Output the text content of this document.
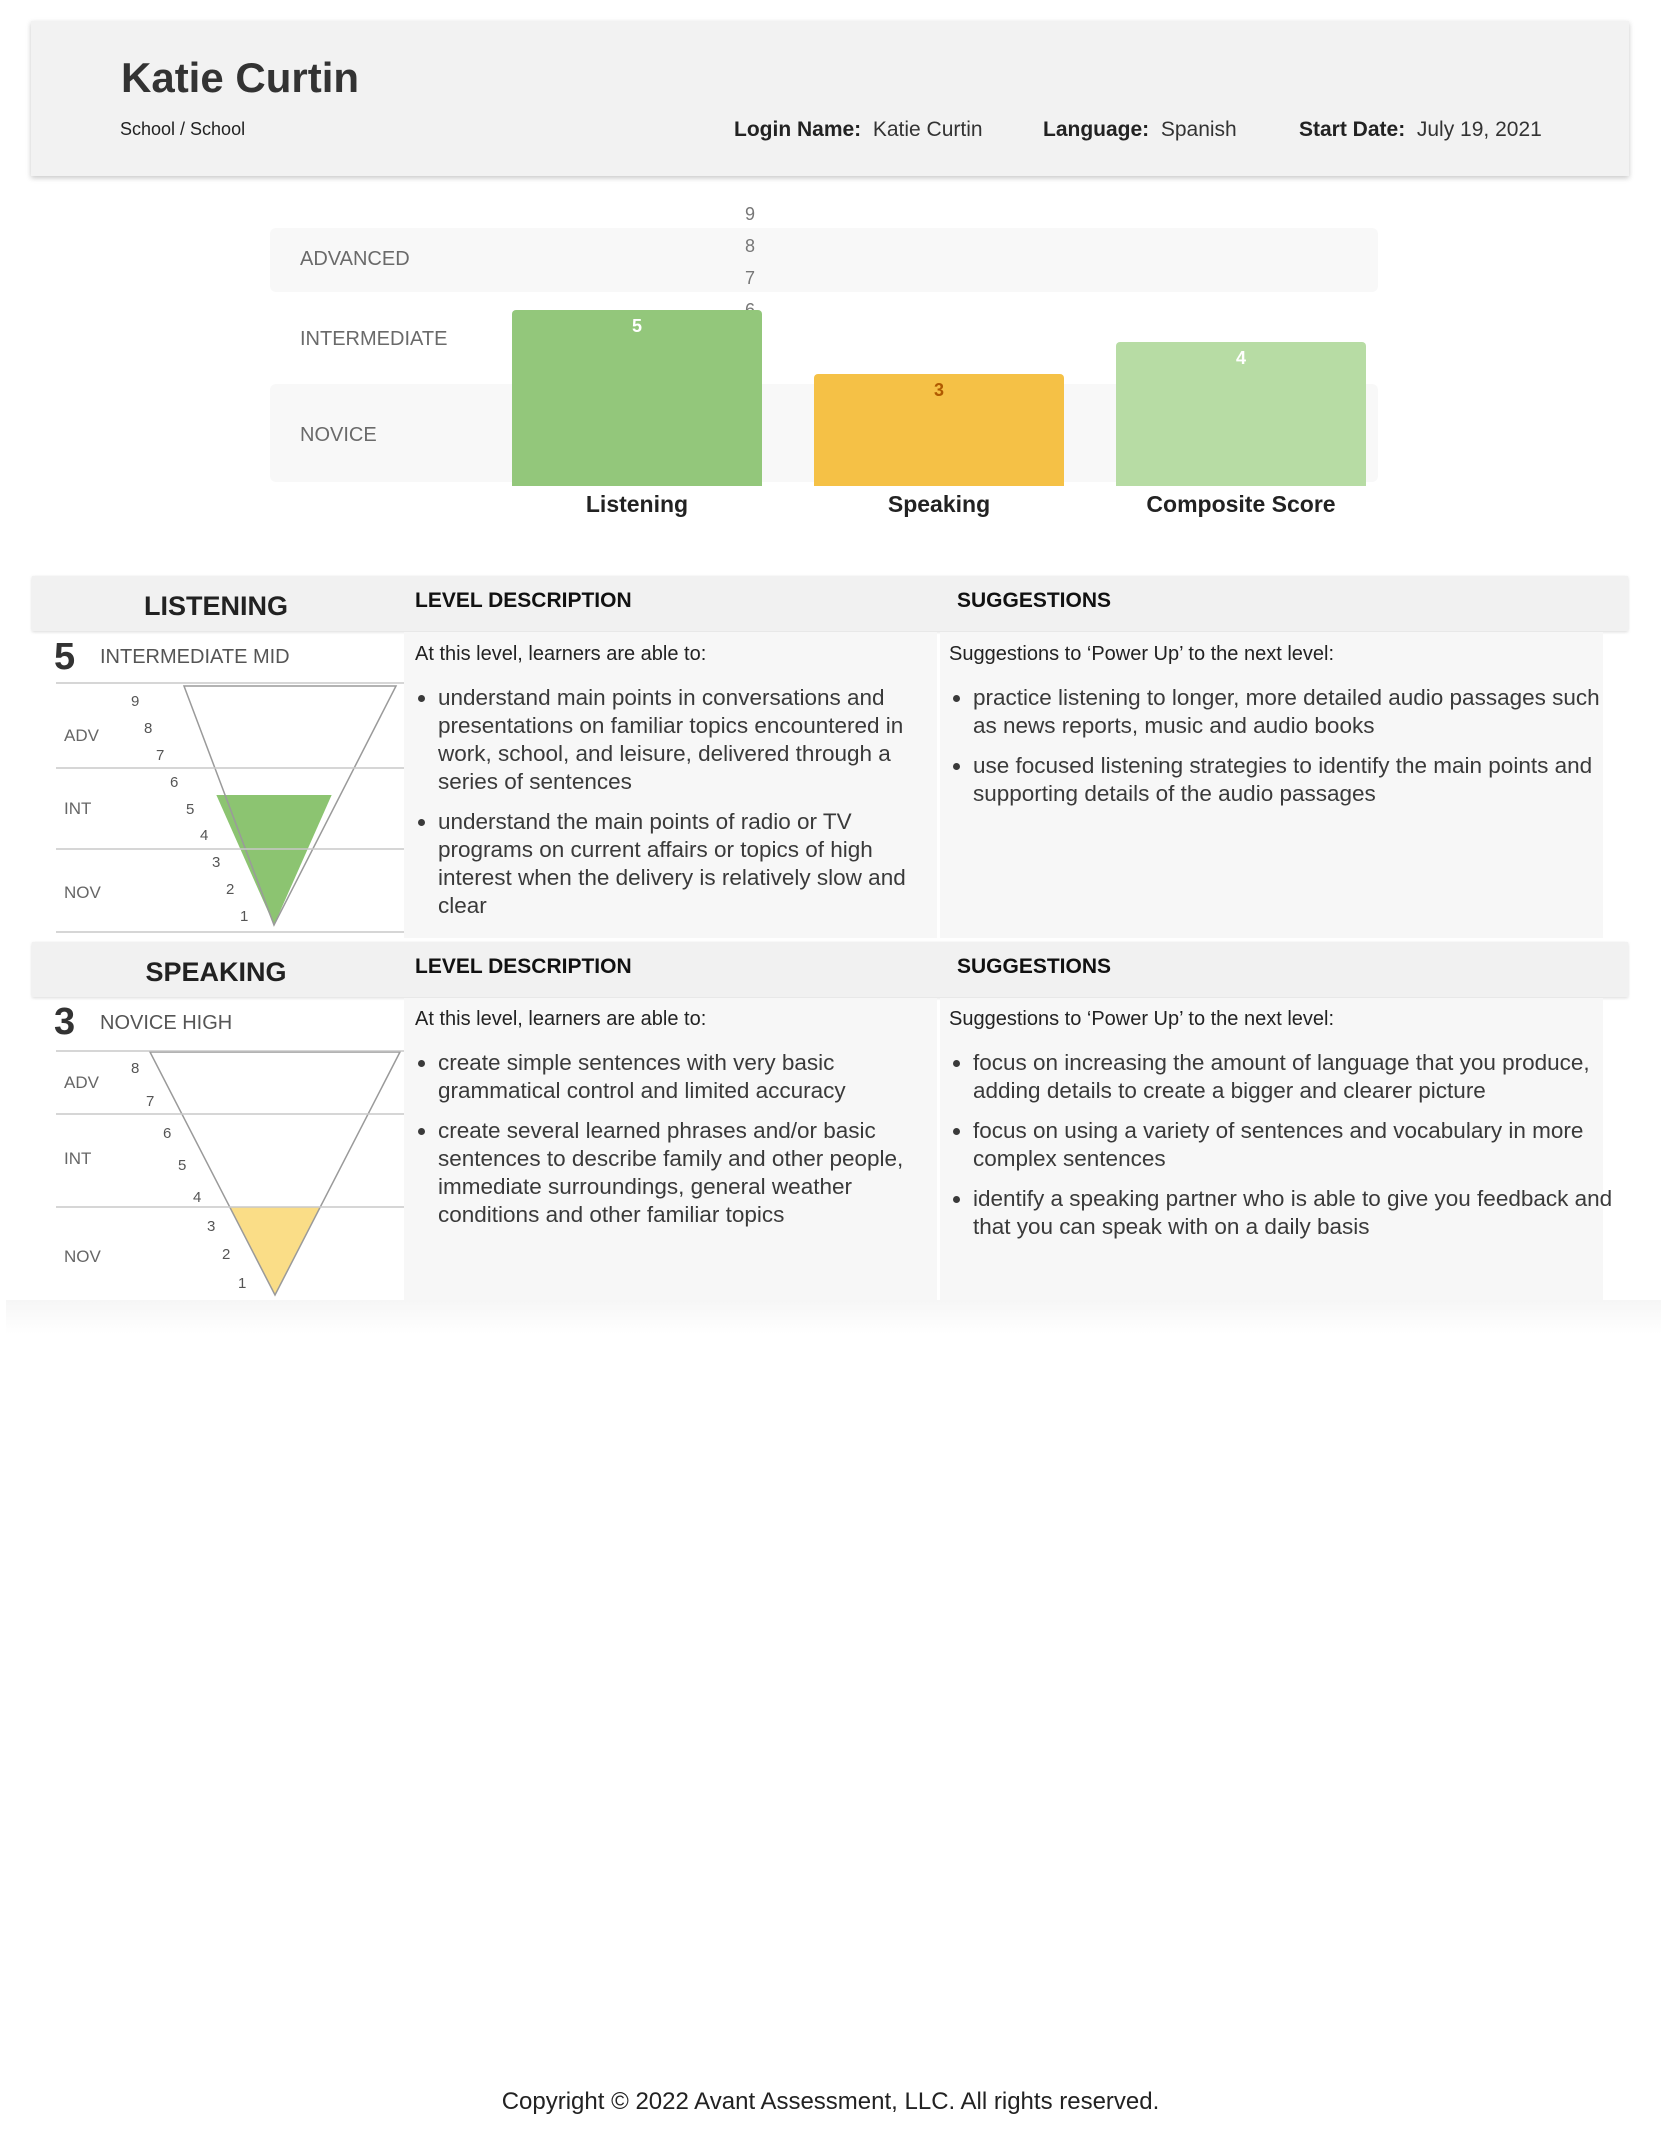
Katie Curtin
School / School	Login Name: Katie Curtin	Language: Spanish	Start Date: July 19, 2021
ADVANCED
INTERMEDIATE
NOVICE
7
8
9
5
Listening
3
Speaking
4
Composite Score
LISTENING	LEVEL DESCRIPTION	SUGGESTIONS
5 INTERMEDIATE MID
ADV
INT
NOV
9
8
7
6
5
4
3
2
1
At this level, learners are able to:
• understand main points in conversations and presentations on familiar topics encountered in work, school, and leisure, delivered through a series of sentences
• understand the main points of radio or TV programs on current affairs or topics of high interest when the delivery is relatively slow and clear
Suggestions to ‘Power Up’ to the next level:
• practice listening to longer, more detailed audio passages such as news reports, music and audio books
• use focused listening strategies to identify the main points and supporting details of the audio passages
SPEAKING	LEVEL DESCRIPTION	SUGGESTIONS
3 NOVICE HIGH
ADV
INT
NOV
8
7
6
5
4
3
2
1
At this level, learners are able to:
• create simple sentences with very basic grammatical control and limited accuracy
• create several learned phrases and/or basic sentences to describe family and other people, immediate surroundings, general weather conditions and other familiar topics
Suggestions to ‘Power Up’ to the next level:
• focus on increasing the amount of language that you produce, adding details to create a bigger and clearer picture
• focus on using a variety of sentences and vocabulary in more complex sentences
• identify a speaking partner who is able to give you feedback and that you can speak with on a daily basis
Copyright © 2022 Avant Assessment, LLC. All rights reserved.
